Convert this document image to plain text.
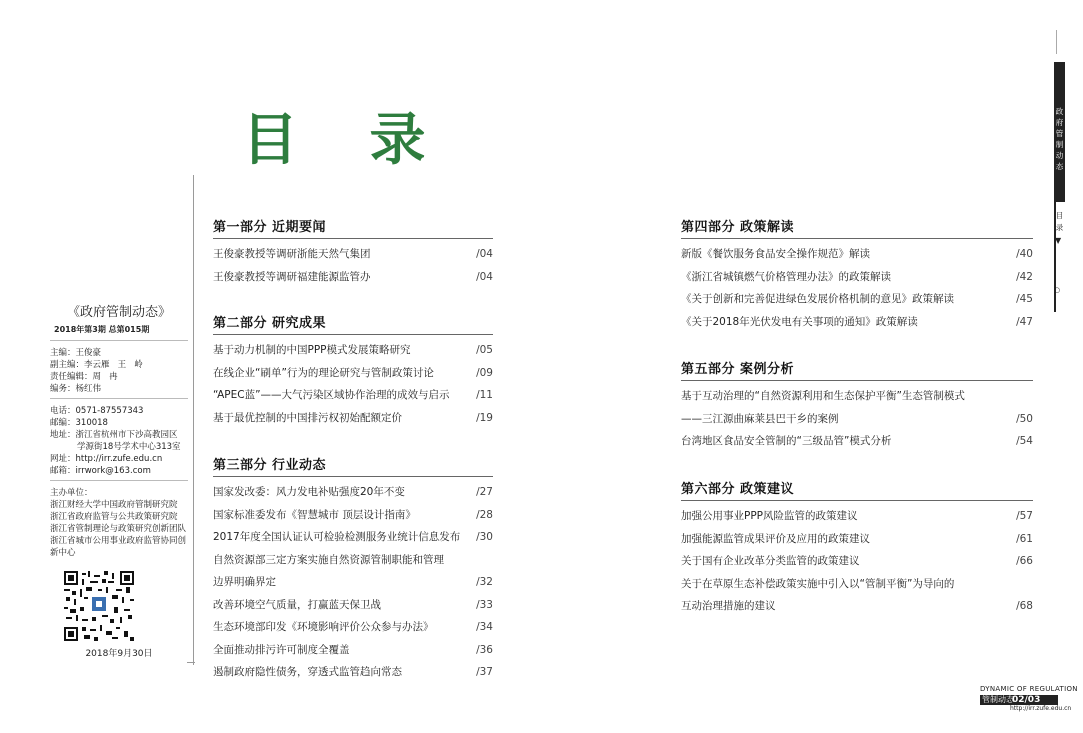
目 录
《政府管制动态》
2018年第3期 总第015期
主编：王俊豪
副主编：李云雁   王   岭
责任编辑：周   冉
编务：杨红伟
电话：0571-87557343
邮编：310018
地址：浙江省杭州市下沙高教园区
学源街18号学术中心313室
网址：http://irr.zufe.edu.cn
邮箱：irrwork@163.com
主办单位：
浙江财经大学中国政府管制研究院
浙江省政府监管与公共政策研究院
浙江省管制理论与政策研究创新团队
浙江省城市公用事业政府监管协同创
新中心
2018年9月30日
第一部分 近期要闻
王俊豪教授等调研浙能天然气集团	/04
王俊豪教授等调研福建能源监管办	/04
第二部分 研究成果
基于动力机制的中国PPP模式发展策略研究	/05
在线企业“刷单”行为的理论研究与管制政策讨论	/09
“APEC蓝”——大气污染区域协作治理的成效与启示	/11
基于最优控制的中国排污权初始配额定价	/19
第三部分 行业动态
国家发改委：风力发电补贴强度20年不变	/27
国家标准委发布《智慧城市 顶层设计指南》	/28
2017年度全国认证认可检验检测服务业统计信息发布 /30
自然资源部三定方案实施自然资源管制职能和管理
边界明确界定	/32
改善环境空气质量，打赢蓝天保卫战	/33
生态环境部印发《环境影响评价公众参与办法》	/34
全面推动排污许可制度全覆盖	/36
遏制政府隐性债务，穿透式监管趋向常态	/37
第四部分 政策解读
新版《餐饮服务食品安全操作规范》解读	/40
《浙江省城镇燃气价格管理办法》的政策解读	/42
《关于创新和完善促进绿色发展价格机制的意见》政策解读	/45
《关于2018年光伏发电有关事项的通知》政策解读	/47
第五部分 案例分析
基于互动治理的“自然资源利用和生态保护平衡”生态管制模式
——三江源曲麻莱县巴干乡的案例	/50
台湾地区食品安全管制的“三级品管”模式分析	/54
第六部分 政策建议
加强公用事业PPP风险监管的政策建议	/57
加强能源监管成果评价及应用的政策建议	/61
关于国有企业改革分类监管的政策建议	/66
关于在草原生态补偿政策实施中引入以“管制平衡”为导向的
互动治理措施的建议	/68
政府管制动态
目录
▼
○
DYNAMIC OF REGULATION
管制动态
02/03
http://irr.zufe.edu.cn
